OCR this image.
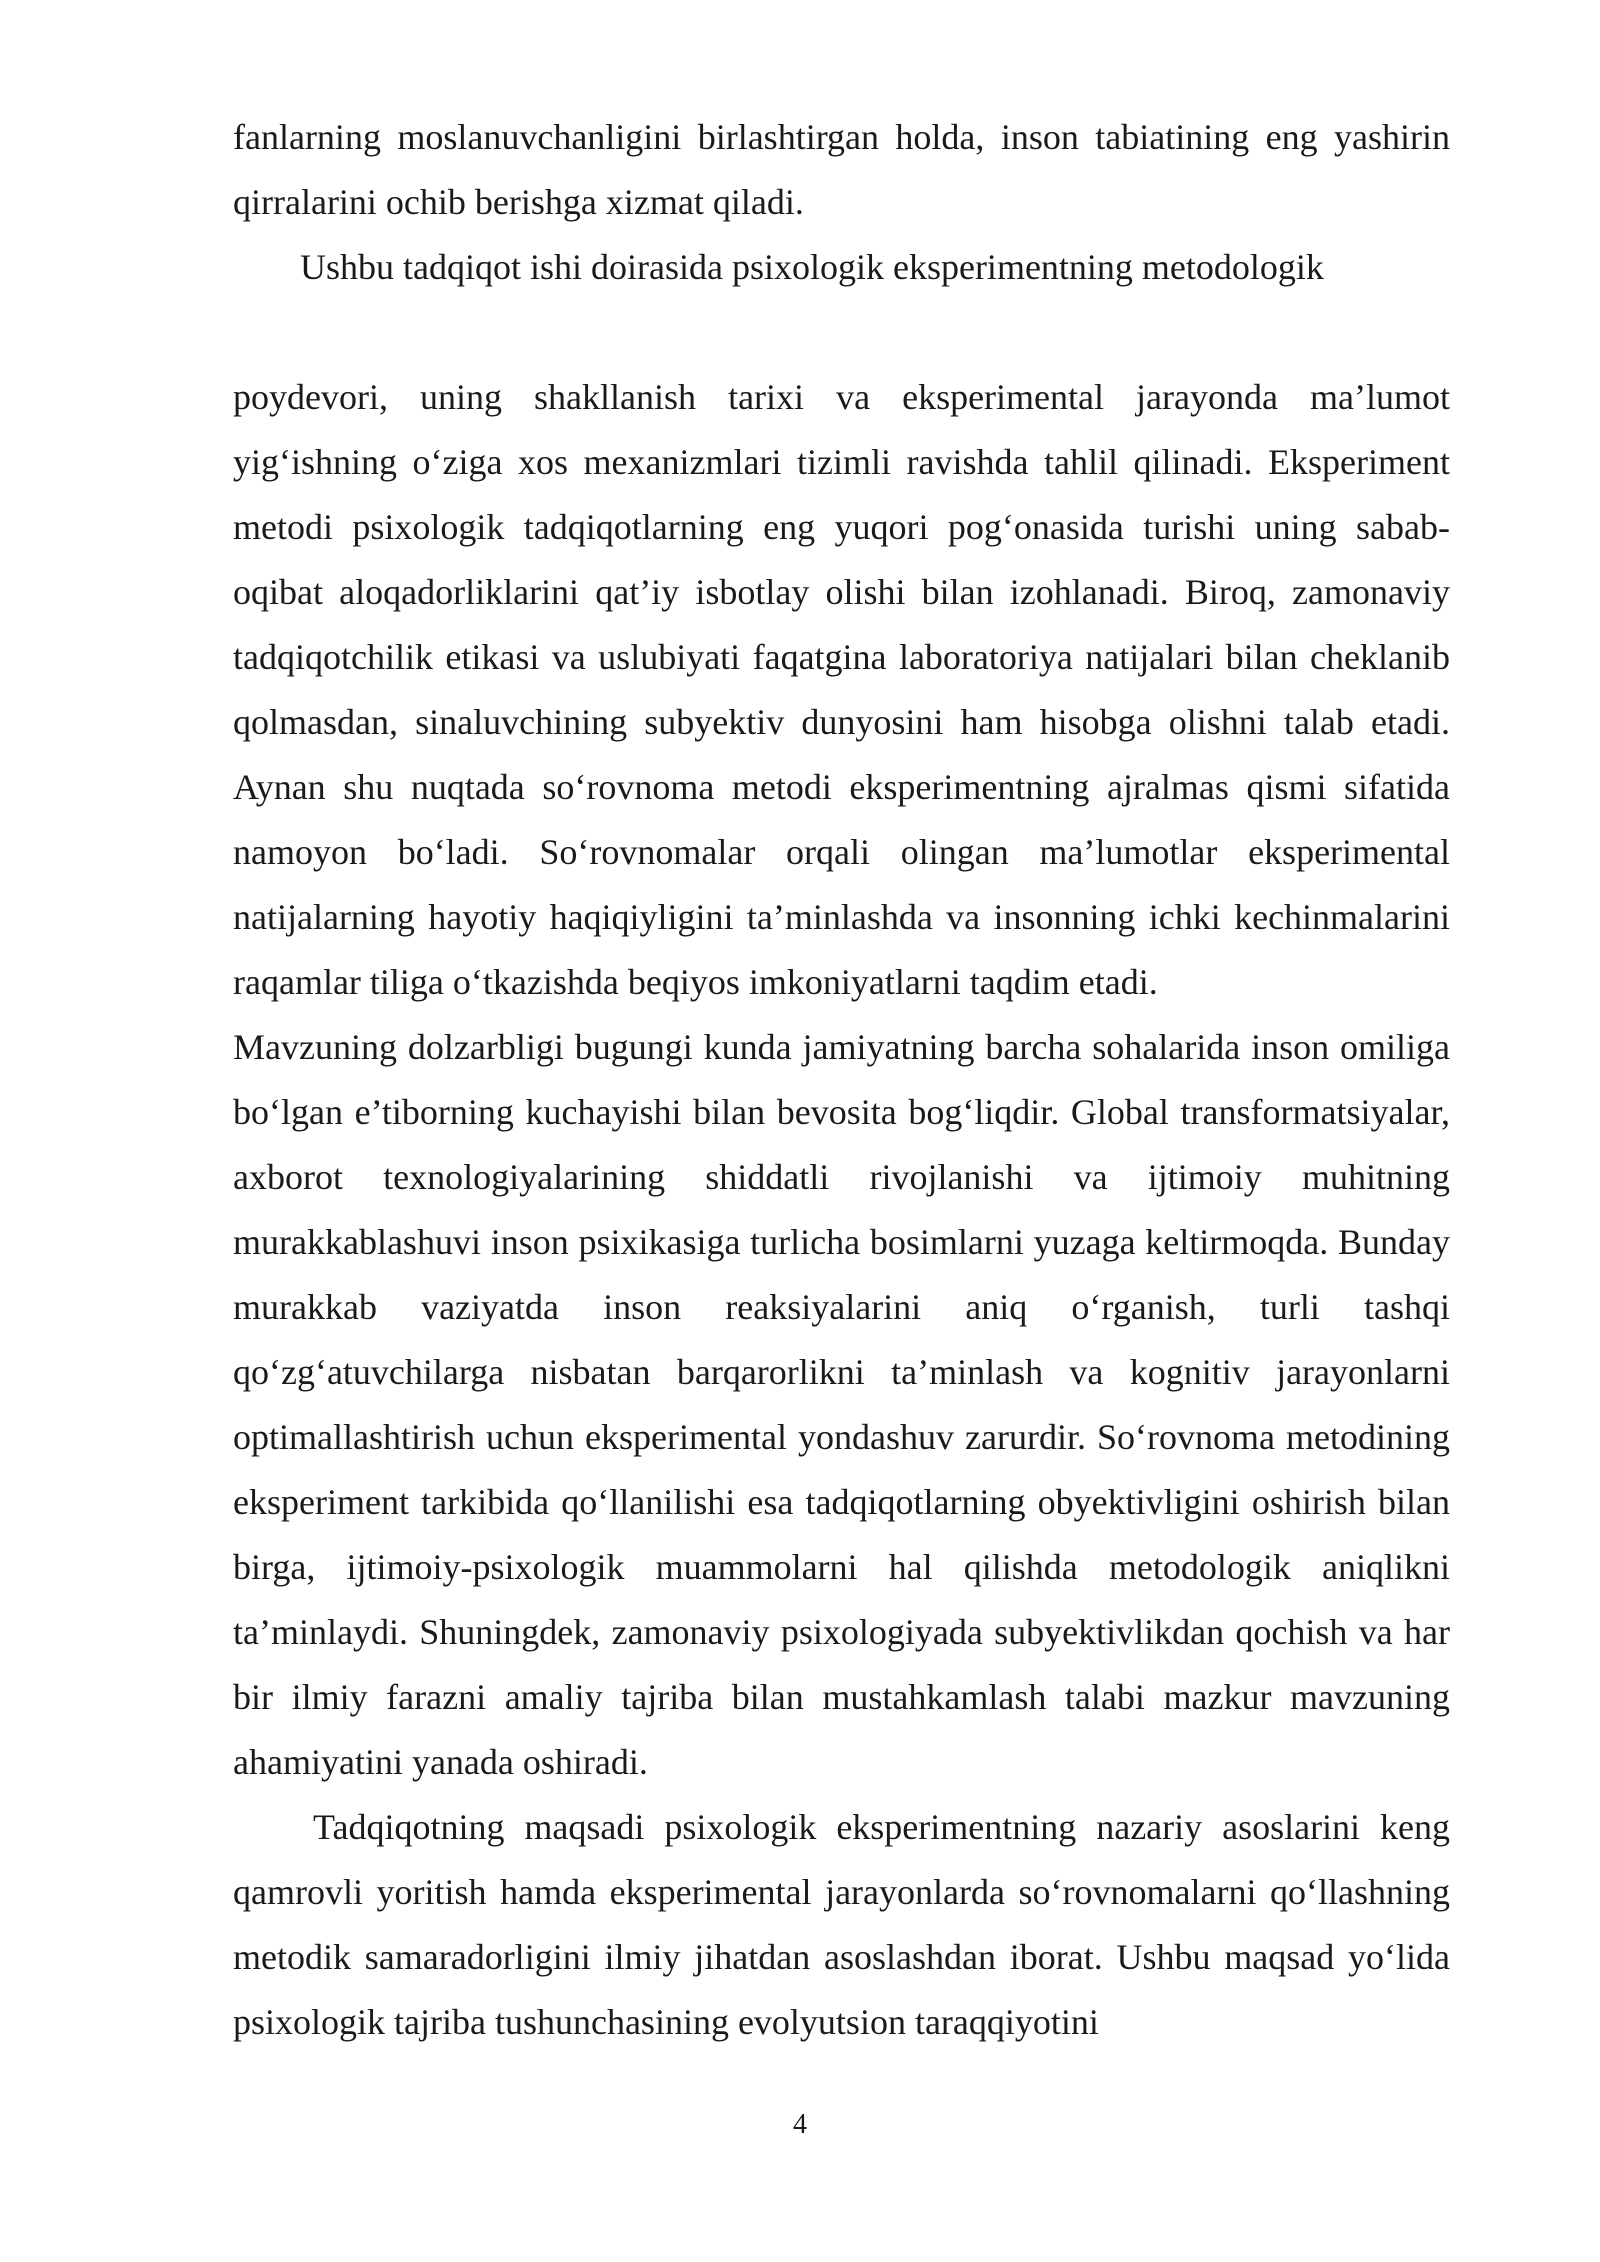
fanlarning moslanuvchanligini birlashtirgan holda, inson tabiatining eng yashirin qirralarini ochib berishga xizmat qiladi.

Ushbu tadqiqot ishi doirasida psixologik eksperimentning metodologik

poydevori, uning shakllanish tarixi va eksperimental jarayonda ma’lumot yig‘ishning o‘ziga xos mexanizmlari tizimli ravishda tahlil qilinadi. Eksperiment metodi psixologik tadqiqotlarning eng yuqori pog‘onasida turishi uning sabab-oqibat aloqadorliklarini qat’iy isbotlay olishi bilan izohlanadi. Biroq, zamonaviy tadqiqotchilik etikasi va uslubiyati faqatgina laboratoriya natijalari bilan cheklanib qolmasdan, sinaluvchining subyektiv dunyosini ham hisobga olishni talab etadi. Aynan shu nuqtada so‘rovnoma metodi eksperimentning ajralmas qismi sifatida namoyon bo‘ladi. So‘rovnomalar orqali olingan ma’lumotlar eksperimental natijalarning hayotiy haqiqiyligini ta’minlashda va insonning ichki kechinmalarini raqamlar tiliga o‘tkazishda beqiyos imkoniyatlarni taqdim etadi.

Mavzuning dolzarbligi bugungi kunda jamiyatning barcha sohalarida inson omiliga bo‘lgan e’tiborning kuchayishi bilan bevosita bog‘liqdir. Global transformatsiyalar, axborot texnologiyalarining shiddatli rivojlanishi va ijtimoiy muhitning murakkablashuvi inson psixikasiga turlicha bosimlarni yuzaga keltirmoqda. Bunday murakkab vaziyatda inson reaksiyalarini aniq o‘rganish, turli tashqi qo‘zg‘atuvchilarga nisbatan barqarorlikni ta’minlash va kognitiv jarayonlarni optimallashtirish uchun eksperimental yondashuv zarurdir. So‘rovnoma metodining eksperiment tarkibida qo‘llanilishi esa tadqiqotlarning obyektivligini oshirish bilan birga, ijtimoiy-psixologik muammolarni hal qilishda metodologik aniqlikni ta’minlaydi. Shuningdek, zamonaviy psixologiyada subyektivlikdan qochish va har bir ilmiy farazni amaliy tajriba bilan mustahkamlash talabi mazkur mavzuning ahamiyatini yanada oshiradi.

Tadqiqotning maqsadi psixologik eksperimentning nazariy asoslarini keng qamrovli yoritish hamda eksperimental jarayonlarda so‘rovnomalarni qo‘llashning metodik samaradorligini ilmiy jihatdan asoslashdan iborat. Ushbu maqsad yo‘lida psixologik tajriba tushunchasining evolyutsion taraqqiyotini

4
